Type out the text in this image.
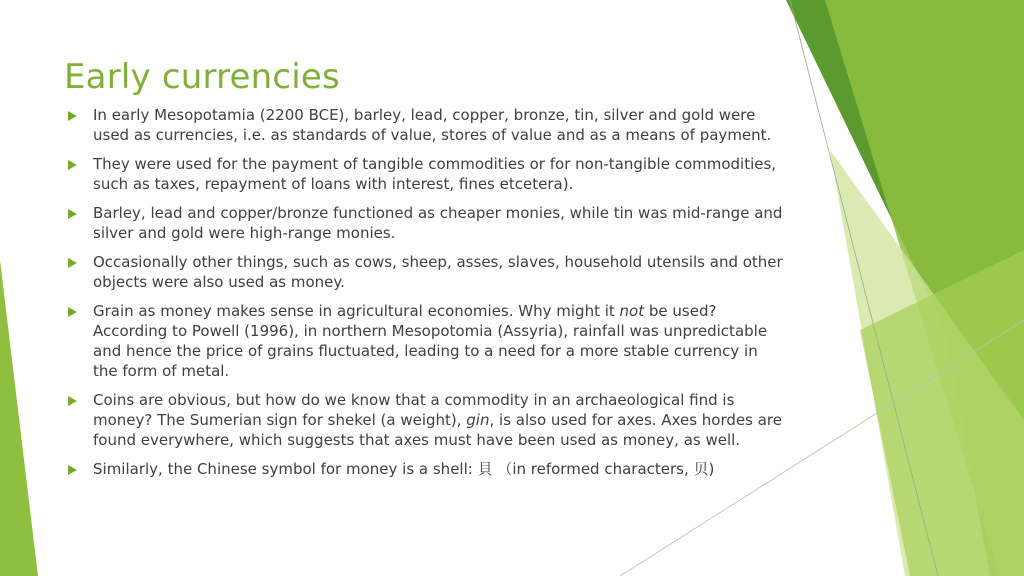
Early currencies
In early Mesopotamia (2200 BCE), barley, lead, copper, bronze, tin, silver and gold were used as currencies, i.e. as standards of value, stores of value and as a means of payment.
They were used for the payment of tangible commodities or for non-tangible commodities, such as taxes, repayment of loans with interest, fines etcetera).
Barley, lead and copper/bronze functioned as cheaper monies, while tin was mid-range and silver and gold were high-range monies.
Occasionally other things, such as cows, sheep, asses, slaves, household utensils and other objects were also used as money.
Grain as money makes sense in agricultural economies. Why might it not be used? According to Powell (1996), in northern Mesopotomia (Assyria), rainfall was unpredictable and hence the price of grains fluctuated, leading to a need for a more stable currency in the form of metal.
Coins are obvious, but how do we know that a commodity in an archaeological find is money? The Sumerian sign for shekel (a weight), gin, is also used for axes. Axes hordes are found everywhere, which suggests that axes must have been used as money, as well.
Similarly, the Chinese symbol for money is a shell: 貝 （in reformed characters, 贝)
